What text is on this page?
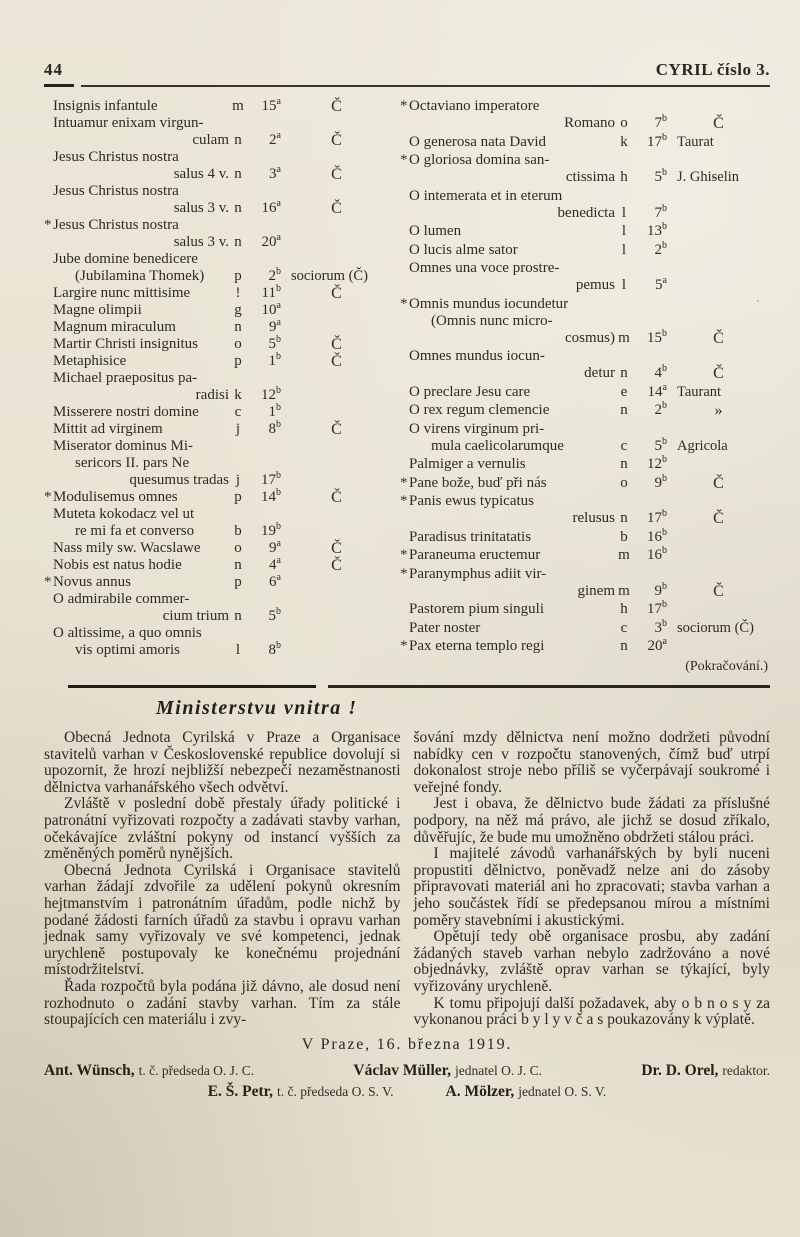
44	CYRIL číslo 3.
Insignis infantule	m	15$^a$	Č
Intuamur enixam virgun-
culam n	2$^a$	Č
Jesus Christus nostra
salus 4 v. n	3$^a$	Č
Jesus Christus nostra
salus 3 v. n	16$^a$	Č
* Jesus Christus nostra
salus 3 v. n	20$^a$
Jube domine benedicere
(Jubilamina Thomek)	p	2$^b$ sociorum (Č)
Largire nunc mittisime	!	11$^b$	Č
Magne olimpii	g	10$^a$
Magnum miraculum	n	9$^a$
Martir Christi insignitus	o	5$^b$	Č
Metaphisice	p	1$^b$	Č
Michael praepositus pa-
radisi k	12$^b$
Misserere nostri domine	c	1$^b$
Mittit ad virginem	j	8$^b$	Č
Miserator dominus Mi-
sericors II. pars Ne
quesumus tradas j	17$^b$
* Modulisemus omnes	p	14$^b$	Č
Muteta kokodacz vel ut
re mi fa et converso	b	19$^b$
Nass mily sw. Wacslawe	o	9$^a$	Č
Nobis est natus hodie	n	4$^a$	Č
* Novus annus	p	6$^a$
O admirabile commer-
cium trium n	5$^b$
O altissime, a quo omnis
vis optimi amoris	l	8$^b$
* Octaviano imperatore
Romano o	7$^b$	Č
O generosa nata David	k	17$^b$ Taurat
* O gloriosa domina san-
ctissima h	5$^b$ J. Ghiselin
O intemerata et in eterum
benedicta l	7$^b$
O lumen	l	13$^b$
O lucis alme sator	l	2$^b$
Omnes una voce prostre-
pemus l	5$^a$
* Omnis mundus iocundetur
(Omnis nunc micro-
cosmus) m	15$^b$	Č
Omnes mundus iocun-
detur n	4$^b$	Č
O preclare Jesu care	e	14$^a$ Taurant
O rex regum clemencie	n	2$^b$	»
O virens virginum pri-
mula caelicolarumque	c	5$^b$ Agricola
Palmiger a vernulis	n	12$^b$
* Pane bože, buď při nás	o	9$^b$	Č
* Panis ewus typicatus
relusus n	17$^b$	Č
Paradisus trinitatatis	b	16$^b$
* Paraneuma eructemur	m	16$^b$
* Paranymphus adiit vir-
ginem m	9$^b$	Č
Pastorem pium singuli	h	17$^b$
Pater noster	c	3$^b$ sociorum (Č)
* Pax eterna templo regi	n	20$^a$
(Pokračování.)
Ministerstvu vnitra !

Obecná Jednota Cyrilská v Praze a Organisace stavitelů varhan v Československé republice dovolují si upozornit, že hrozí nejbližší nebezpečí nezaměstnanosti dělnictva varhanářského všech odvětví.

Zvláště v poslední době přestaly úřady politické i patronátní vyřizovati rozpočty a zadávati stavby varhan, očekávajíce zvláštní pokyny od instancí vyšších za změněných poměrů nynějších.

Obecná Jednota Cyrilská i Organisace stavitelů varhan žádají zdvořile za udělení pokynů okresním hejtmanstvím i patronátním úřadům, podle nichž by podané žádosti farních úřadů za stavbu i opravu varhan jednak samy vyřizovaly ve své kompetenci, jednak urychleně postupovaly ke konečnému projednání místodržitelství.

Řada rozpočtů byla podána již dávno, ale dosud není rozhodnuto o zadání stavby varhan. Tím za stále stoupajících cen materiálu i zvy-

šování mzdy dělnictva není možno dodržeti původní nabídky cen v rozpočtu stanovených, čímž buď utrpí dokonalost stroje nebo příliš se vyčerpávají soukromé i veřejné fondy.

Jest i obava, že dělnictvo bude žádati za příslušné podpory, na něž má právo, ale jichž se dosud zříkalo, důvěřujíc, že bude mu umožněno obdržeti stálou práci.

I majitelé závodů varhanářských by byli nuceni propustiti dělnictvo, poněvadž nelze ani do zásoby připravovati materiál ani ho zpracovati; stavba varhan a jeho součástek řídí se předepsanou mírou a místními poměry stavebními i akustickými.

Opětují tedy obě organisace prosbu, aby zadání žádaných staveb varhan nebylo zadržováno a nové objednávky, zvláště oprav varhan se týkající, byly vyřizovány urychleně.

K tomu připojují další požadavek, aby o b n o s y za vykonanou práci b y l y v č a s poukazovány k výplatě.

V Praze, 16. března 1919.
Ant. Wünsch, t. č. předseda O. J. C.	Václav Müller, jednatel O. J. C.	Dr. D. Orel, redaktor.
E. Š. Petr, t. č. předseda O. S. V.	A. Mölzer, jednatel O. S. V.
